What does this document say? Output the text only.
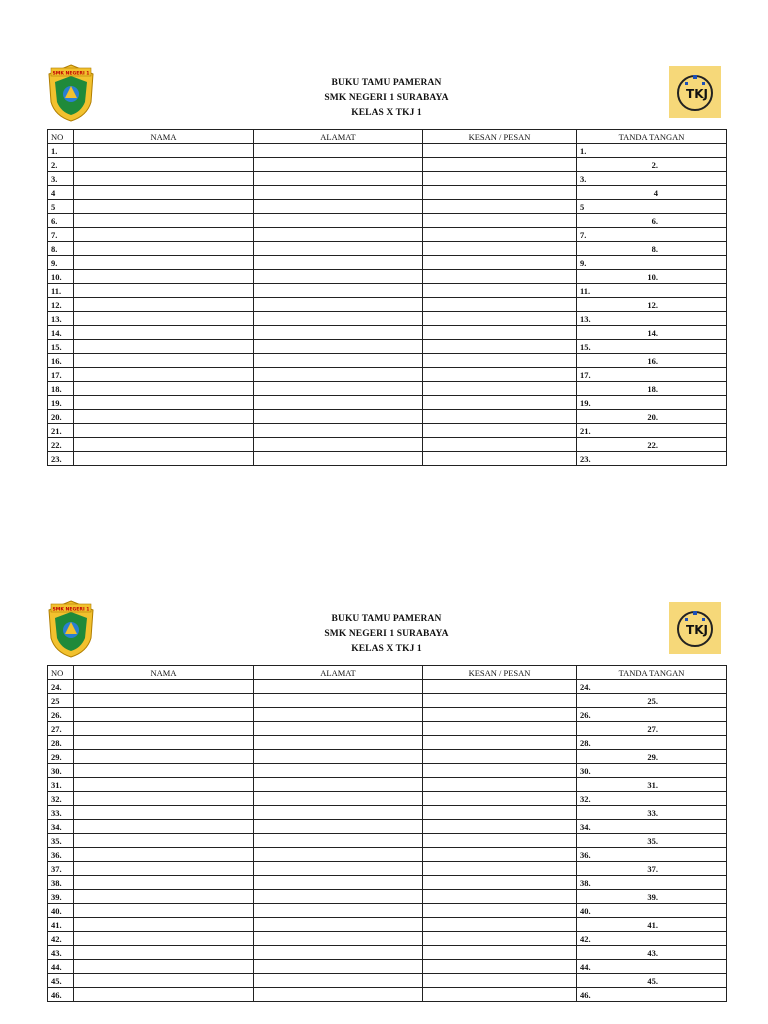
SMK NEGERI 1
BUKU TAMU PAMERAN
SMK NEGERI 1 SURABAYA
KELAS X TKJ 1
TKJ
NO	NAMA	ALAMAT	KESAN / PESAN	TANDA TANGAN
1.				1.
2.				2.
3.				3.
4				4
5				5
6.				6.
7.				7.
8.				8.
9.				9.
10.				10.
11.				11.
12.				12.
13.				13.
14.				14.
15.				15.
16.				16.
17.				17.
18.				18.
19.				19.
20.				20.
21.				21.
22.				22.
23.				23.
SMK NEGERI 1
BUKU TAMU PAMERAN
SMK NEGERI 1 SURABAYA
KELAS X TKJ 1
TKJ
NO	NAMA	ALAMAT	KESAN / PESAN	TANDA TANGAN
24.				24.
25				25.
26.				26.
27.				27.
28.				28.
29.				29.
30.				30.
31.				31.
32.				32.
33.				33.
34.				34.
35.				35.
36.				36.
37.				37.
38.				38.
39.				39.
40.				40.
41.				41.
42.				42.
43.				43.
44.				44.
45.				45.
46.				46.
